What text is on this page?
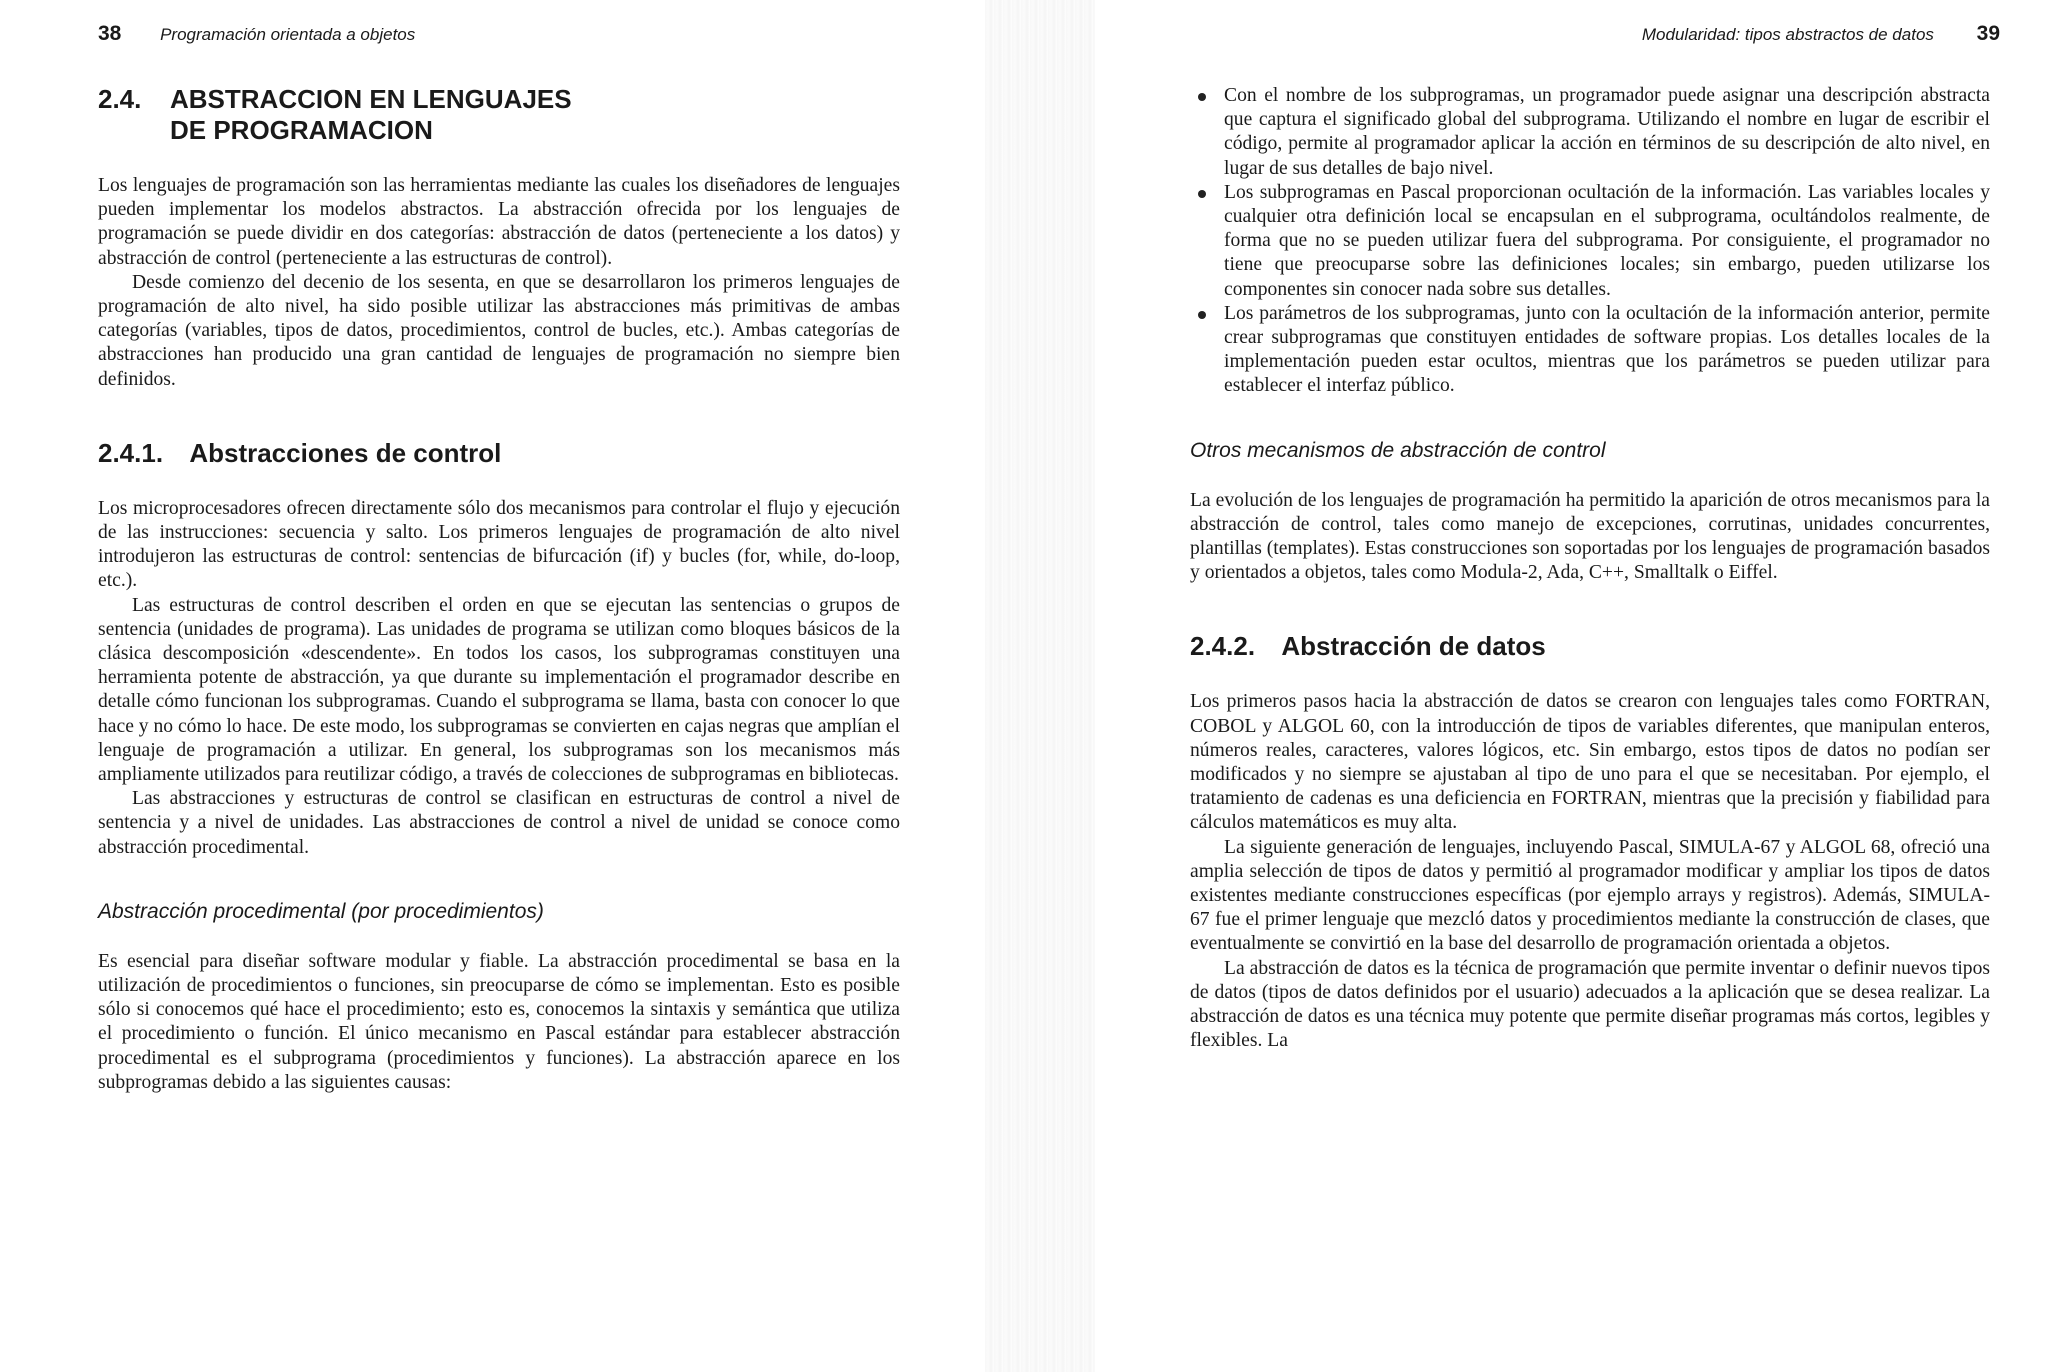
38 Programación orientada a objetos
2.4.	ABSTRACCION EN LENGUAJES
DE PROGRAMACION

Los lenguajes de programación son las herramientas mediante las cuales los diseñadores de lenguajes pueden implementar los modelos abstractos. La abstracción ofrecida por los lenguajes de programación se puede dividir en dos categorías: abstracción de datos (perteneciente a los datos) y abstracción de control (perteneciente a las estructuras de control).

Desde comienzo del decenio de los sesenta, en que se desarrollaron los primeros lenguajes de programación de alto nivel, ha sido posible utilizar las abstracciones más primitivas de ambas categorías (variables, tipos de datos, procedimientos, control de bucles, etc.). Ambas categorías de abstracciones han producido una gran cantidad de lenguajes de programación no siempre bien definidos.

2.4.1. Abstracciones de control

Los microprocesadores ofrecen directamente sólo dos mecanismos para controlar el flujo y ejecución de las instrucciones: secuencia y salto. Los primeros lenguajes de programación de alto nivel introdujeron las estructuras de control: sentencias de bifurcación (if) y bucles (for, while, do-loop, etc.).

Las estructuras de control describen el orden en que se ejecutan las sentencias o grupos de sentencia (unidades de programa). Las unidades de programa se utilizan como bloques básicos de la clásica descomposición «descendente». En todos los casos, los subprogramas constituyen una herramienta potente de abstracción, ya que durante su implementación el programador describe en detalle cómo funcionan los subprogramas. Cuando el subprograma se llama, basta con conocer lo que hace y no cómo lo hace. De este modo, los subprogramas se convierten en cajas negras que amplían el lenguaje de programación a utilizar. En general, los subprogramas son los mecanismos más ampliamente utilizados para reutilizar código, a través de colecciones de subprogramas en bibliotecas.

Las abstracciones y estructuras de control se clasifican en estructuras de control a nivel de sentencia y a nivel de unidades. Las abstracciones de control a nivel de unidad se conoce como abstracción procedimental.

Abstracción procedimental (por procedimientos)

Es esencial para diseñar software modular y fiable. La abstracción procedimental se basa en la utilización de procedimientos o funciones, sin preocuparse de cómo se implementan. Esto es posible sólo si conocemos qué hace el procedimiento; esto es, conocemos la sintaxis y semántica que utiliza el procedimiento o función. El único mecanismo en Pascal estándar para establecer abstracción procedimental es el subprograma (procedimientos y funciones). La abstracción aparece en los subprogramas debido a las siguientes causas:

Modularidad: tipos abstractos de datos 39

Con el nombre de los subprogramas, un programador puede asignar una descripción abstracta que captura el significado global del subprograma. Utilizando el nombre en lugar de escribir el código, permite al programador aplicar la acción en términos de su descripción de alto nivel, en lugar de sus detalles de bajo nivel.

Los subprogramas en Pascal proporcionan ocultación de la información. Las variables locales y cualquier otra definición local se encapsulan en el subprograma, ocultándolos realmente, de forma que no se pueden utilizar fuera del subprograma. Por consiguiente, el programador no tiene que preocuparse sobre las definiciones locales; sin embargo, pueden utilizarse los componentes sin conocer nada sobre sus detalles.

Los parámetros de los subprogramas, junto con la ocultación de la información anterior, permite crear subprogramas que constituyen entidades de software propias. Los detalles locales de la implementación pueden estar ocultos, mientras que los parámetros se pueden utilizar para establecer el interfaz público.

Otros mecanismos de abstracción de control

La evolución de los lenguajes de programación ha permitido la aparición de otros mecanismos para la abstracción de control, tales como manejo de excepciones, corrutinas, unidades concurrentes, plantillas (templates). Estas construcciones son soportadas por los lenguajes de programación basados y orientados a objetos, tales como Modula-2, Ada, C++, Smalltalk o Eiffel.

2.4.2. Abstracción de datos

Los primeros pasos hacia la abstracción de datos se crearon con lenguajes tales como FORTRAN, COBOL y ALGOL 60, con la introducción de tipos de variables diferentes, que manipulan enteros, números reales, caracteres, valores lógicos, etc. Sin embargo, estos tipos de datos no podían ser modificados y no siempre se ajustaban al tipo de uno para el que se necesitaban. Por ejemplo, el tratamiento de cadenas es una deficiencia en FORTRAN, mientras que la precisión y fiabilidad para cálculos matemáticos es muy alta.

La siguiente generación de lenguajes, incluyendo Pascal, SIMULA-67 y ALGOL 68, ofreció una amplia selección de tipos de datos y permitió al programador modificar y ampliar los tipos de datos existentes mediante construcciones específicas (por ejemplo arrays y registros). Además, SIMULA-67 fue el primer lenguaje que mezcló datos y procedimientos mediante la construcción de clases, que eventualmente se convirtió en la base del desarrollo de programación orientada a objetos.

La abstracción de datos es la técnica de programación que permite inventar o definir nuevos tipos de datos (tipos de datos definidos por el usuario) adecuados a la aplicación que se desea realizar. La abstracción de datos es una técnica muy potente que permite diseñar programas más cortos, legibles y flexibles. La
